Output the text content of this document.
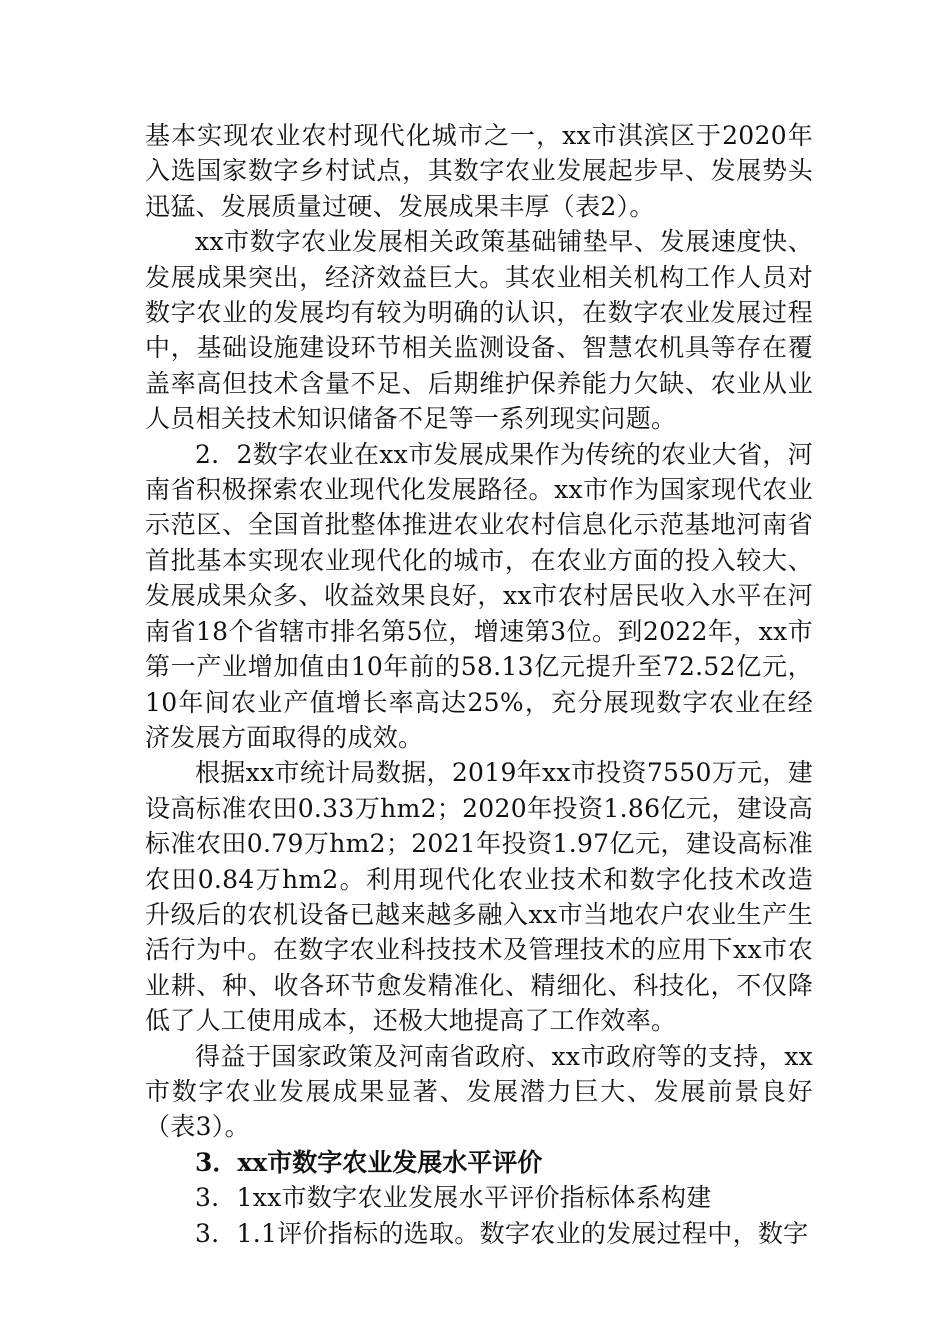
基本实现农业农村现代化城市之一，xx市淇滨区于2020年入选国家数字乡村试点，其数字农业发展起步早、发展势头迅猛、发展质量过硬、发展成果丰厚（表2）。

xx市数字农业发展相关政策基础铺垫早、发展速度快、发展成果突出，经济效益巨大。其农业相关机构工作人员对数字农业的发展均有较为明确的认识，在数字农业发展过程中，基础设施建设环节相关监测设备、智慧农机具等存在覆盖率高但技术含量不足、后期维护保养能力欠缺、农业从业人员相关技术知识储备不足等一系列现实问题。

2．2数字农业在xx市发展成果作为传统的农业大省，河南省积极探索农业现代化发展路径。xx市作为国家现代农业示范区、全国首批整体推进农业农村信息化示范基地河南省首批基本实现农业现代化的城市，在农业方面的投入较大、发展成果众多、收益效果良好，xx市农村居民收入水平在河南省18个省辖市排名第5位，增速第3位。到2022年，xx市第一产业增加值由10年前的58.13亿元提升至72.52亿元，10年间农业产值增长率高达25%，充分展现数字农业在经济发展方面取得的成效。

根据xx市统计局数据，2019年xx市投资7550万元，建设高标准农田0.33万hm2；2020年投资1.86亿元，建设高标准农田0.79万hm2；2021年投资1.97亿元，建设高标准农田0.84万hm2。利用现代化农业技术和数字化技术改造升级后的农机设备已越来越多融入xx市当地农户农业生产生活行为中。在数字农业科技技术及管理技术的应用下xx市农业耕、种、收各环节愈发精准化、精细化、科技化，不仅降低了人工使用成本，还极大地提高了工作效率。

得益于国家政策及河南省政府、xx市政府等的支持，xx市数字农业发展成果显著、发展潜力巨大、发展前景良好（表3）。

3．xx市数字农业发展水平评价

3．1xx市数字农业发展水平评价指标体系构建

3．1.1评价指标的选取。数字农业的发展过程中，数字
